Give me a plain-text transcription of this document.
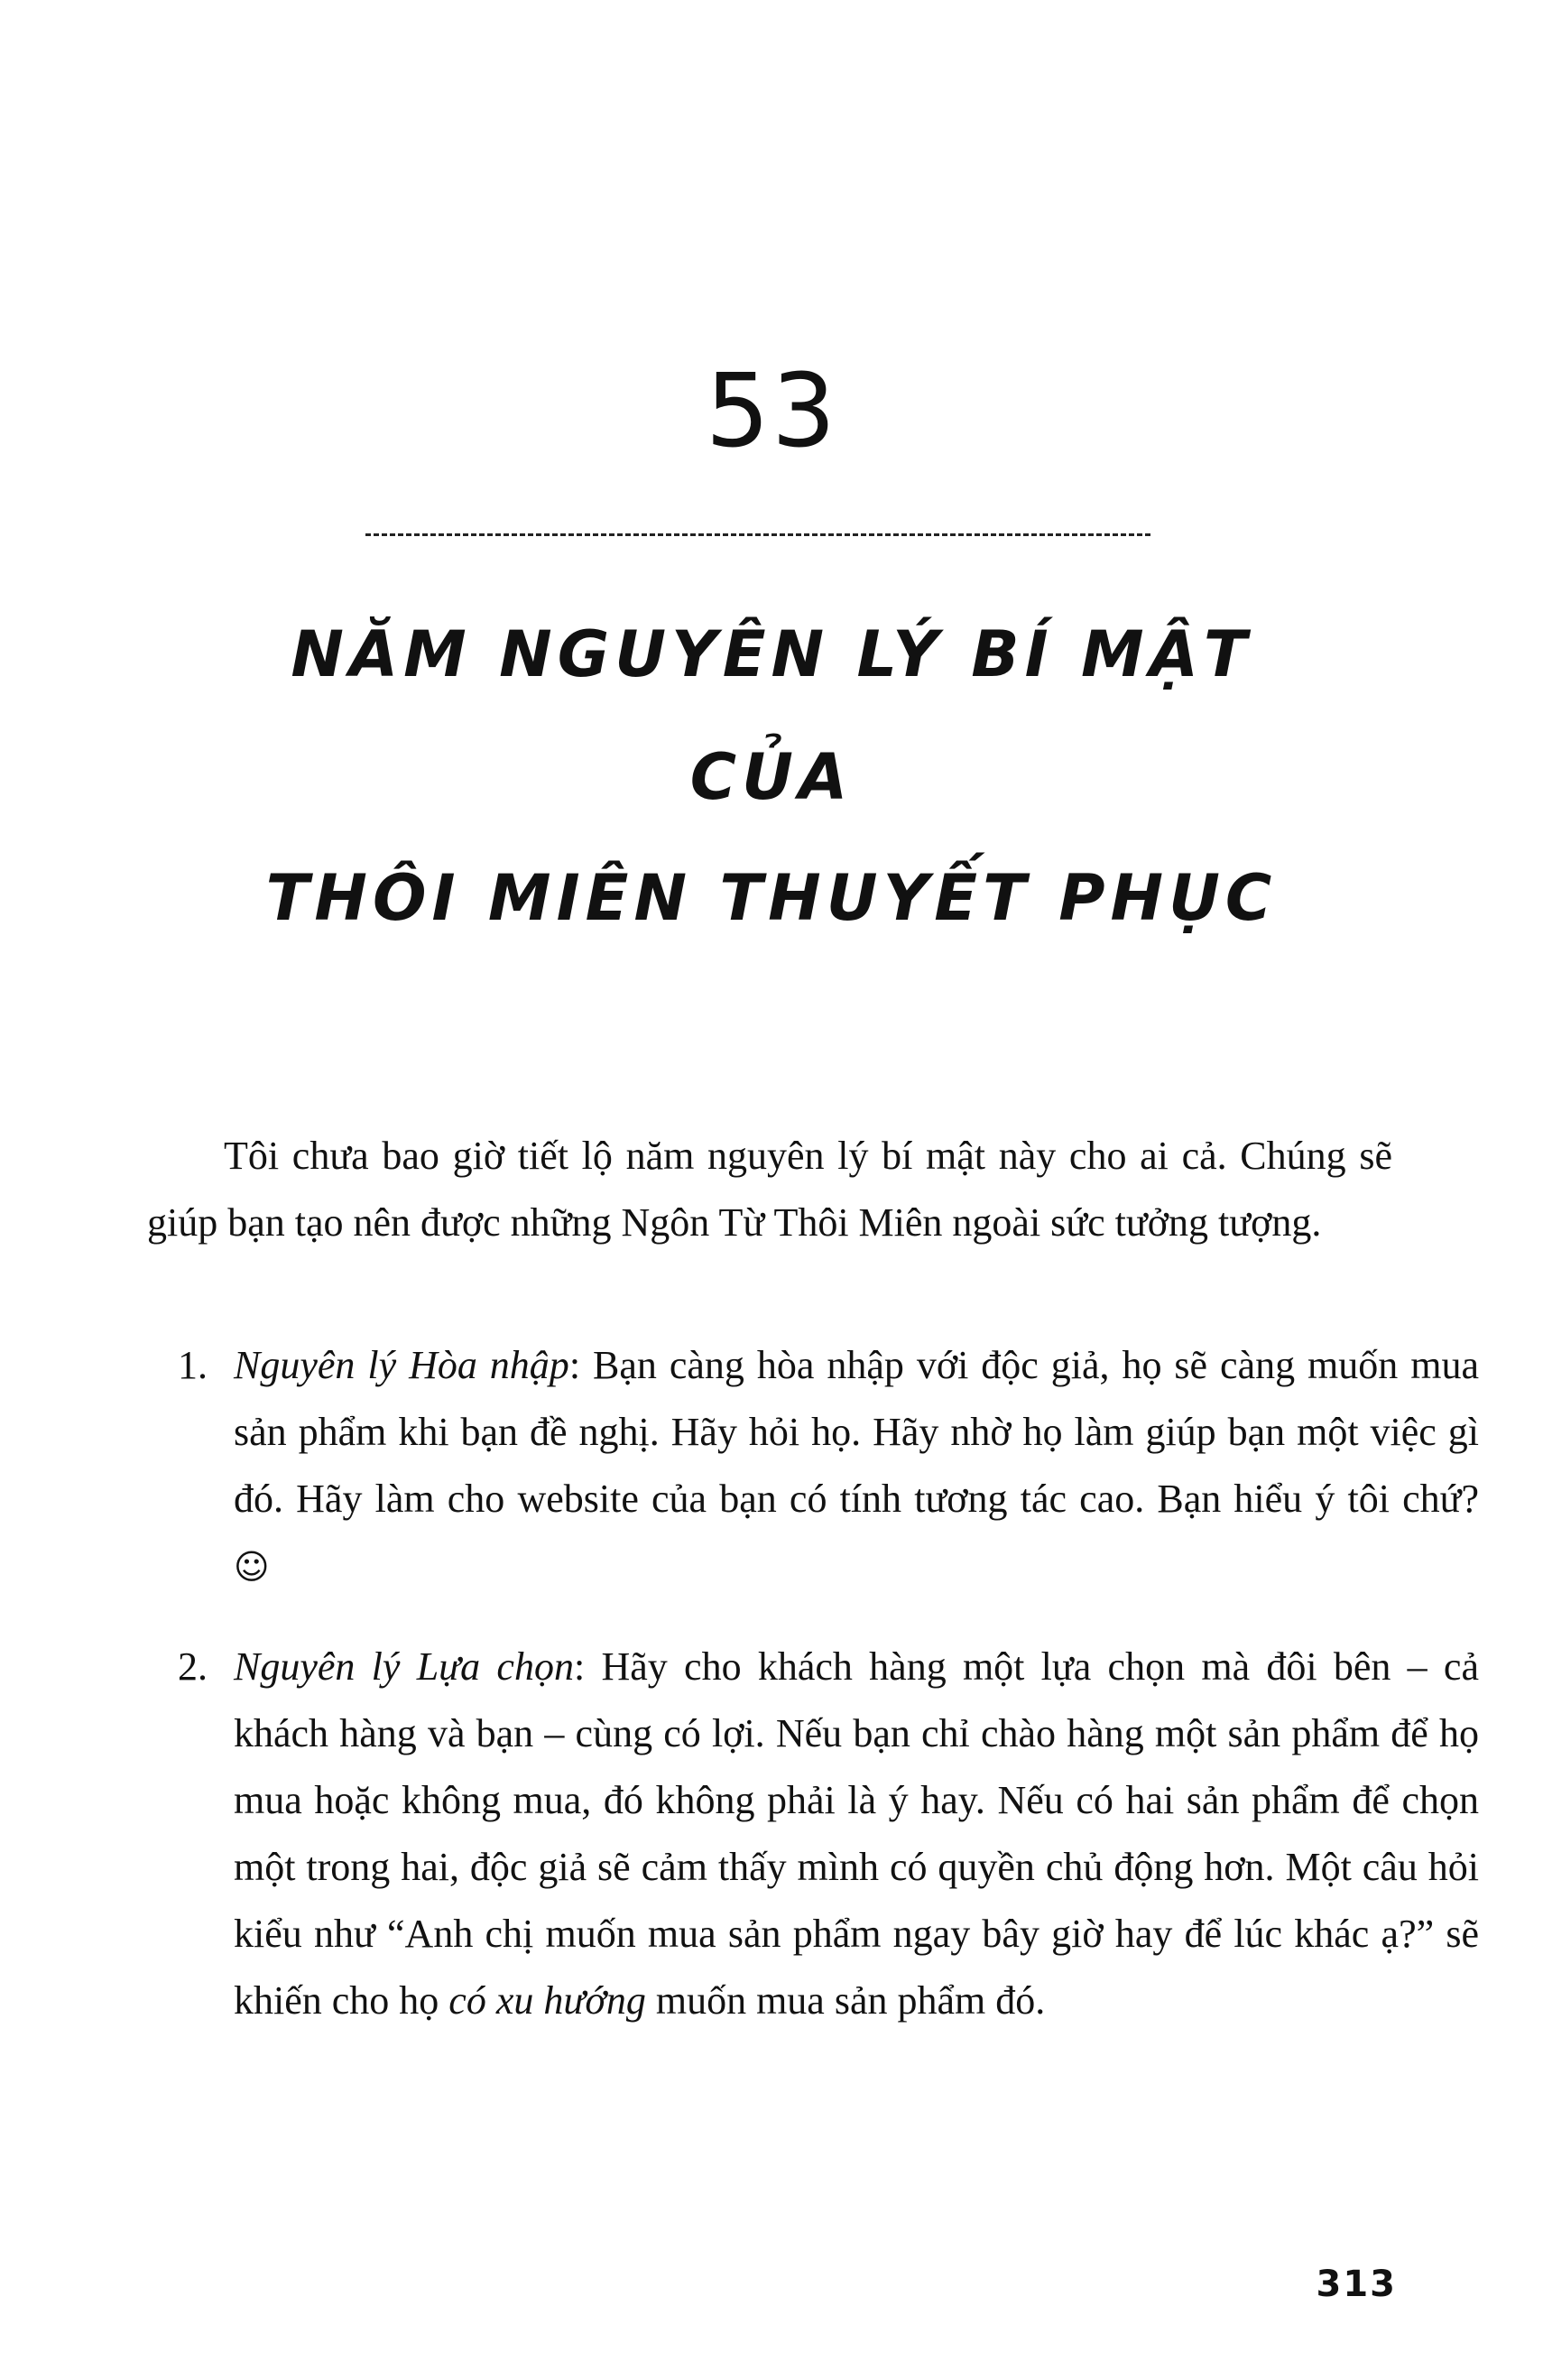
53
NĂM NGUYÊN LÝ BÍ MẬT
CỦA
THÔI MIÊN THUYẾT PHỤC

Tôi chưa bao giờ tiết lộ năm nguyên lý bí mật này cho ai cả. Chúng sẽ giúp bạn tạo nên được những Ngôn Từ Thôi Miên ngoài sức tưởng tượng.

1. Nguyên lý Hòa nhập: Bạn càng hòa nhập với độc giả, họ sẽ càng muốn mua sản phẩm khi bạn đề nghị. Hãy hỏi họ. Hãy nhờ họ làm giúp bạn một việc gì đó. Hãy làm cho website của bạn có tính tương tác cao. Bạn hiểu ý tôi chứ? ☺
2. Nguyên lý Lựa chọn: Hãy cho khách hàng một lựa chọn mà đôi bên – cả khách hàng và bạn – cùng có lợi. Nếu bạn chỉ chào hàng một sản phẩm để họ mua hoặc không mua, đó không phải là ý hay. Nếu có hai sản phẩm để chọn một trong hai, độc giả sẽ cảm thấy mình có quyền chủ động hơn. Một câu hỏi kiểu như “Anh chị muốn mua sản phẩm ngay bây giờ hay để lúc khác ạ?” sẽ khiến cho họ có xu hướng muốn mua sản phẩm đó.
313
